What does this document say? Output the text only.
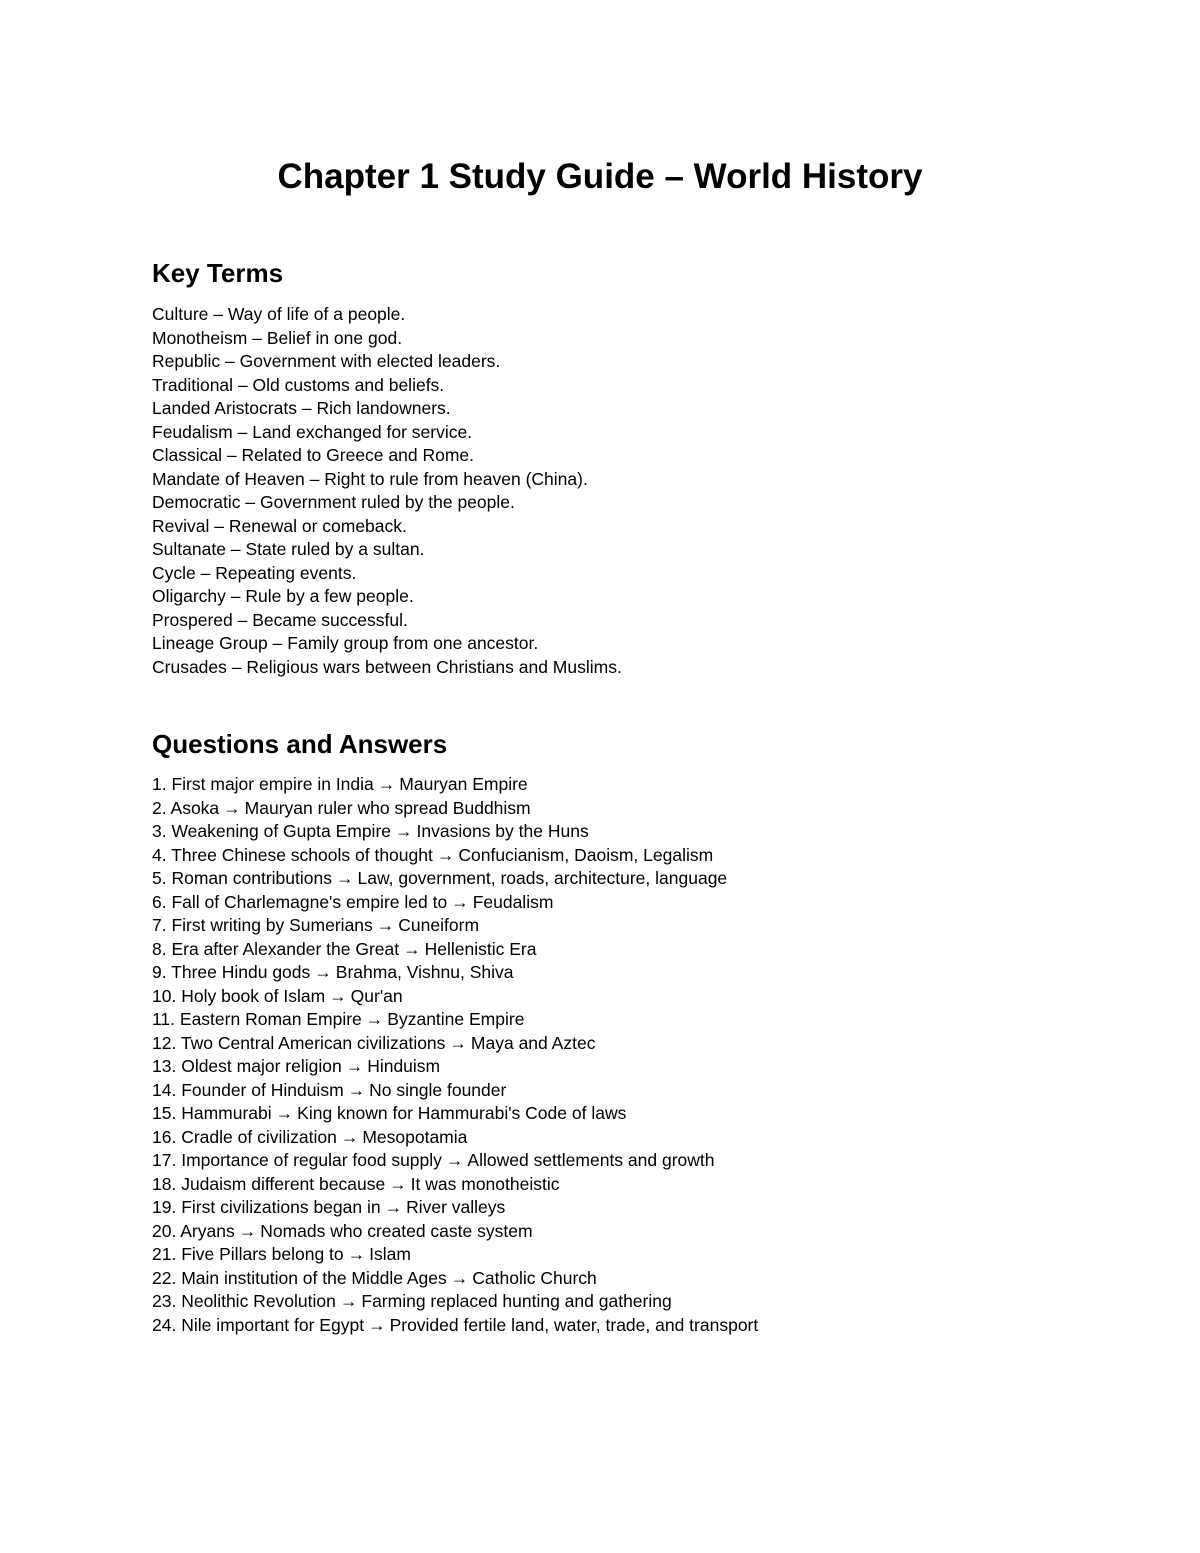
Chapter 1 Study Guide – World History
Key Terms
Culture – Way of life of a people.
Monotheism – Belief in one god.
Republic – Government with elected leaders.
Traditional – Old customs and beliefs.
Landed Aristocrats – Rich landowners.
Feudalism – Land exchanged for service.
Classical – Related to Greece and Rome.
Mandate of Heaven – Right to rule from heaven (China).
Democratic – Government ruled by the people.
Revival – Renewal or comeback.
Sultanate – State ruled by a sultan.
Cycle – Repeating events.
Oligarchy – Rule by a few people.
Prospered – Became successful.
Lineage Group – Family group from one ancestor.
Crusades – Religious wars between Christians and Muslims.
Questions and Answers
1. First major empire in India → Mauryan Empire
2. Asoka → Mauryan ruler who spread Buddhism
3. Weakening of Gupta Empire → Invasions by the Huns
4. Three Chinese schools of thought → Confucianism, Daoism, Legalism
5. Roman contributions → Law, government, roads, architecture, language
6. Fall of Charlemagne's empire led to → Feudalism
7. First writing by Sumerians → Cuneiform
8. Era after Alexander the Great → Hellenistic Era
9. Three Hindu gods → Brahma, Vishnu, Shiva
10. Holy book of Islam → Qur'an
11. Eastern Roman Empire → Byzantine Empire
12. Two Central American civilizations → Maya and Aztec
13. Oldest major religion → Hinduism
14. Founder of Hinduism → No single founder
15. Hammurabi → King known for Hammurabi's Code of laws
16. Cradle of civilization → Mesopotamia
17. Importance of regular food supply → Allowed settlements and growth
18. Judaism different because → It was monotheistic
19. First civilizations began in → River valleys
20. Aryans → Nomads who created caste system
21. Five Pillars belong to → Islam
22. Main institution of the Middle Ages → Catholic Church
23. Neolithic Revolution → Farming replaced hunting and gathering
24. Nile important for Egypt → Provided fertile land, water, trade, and transport
